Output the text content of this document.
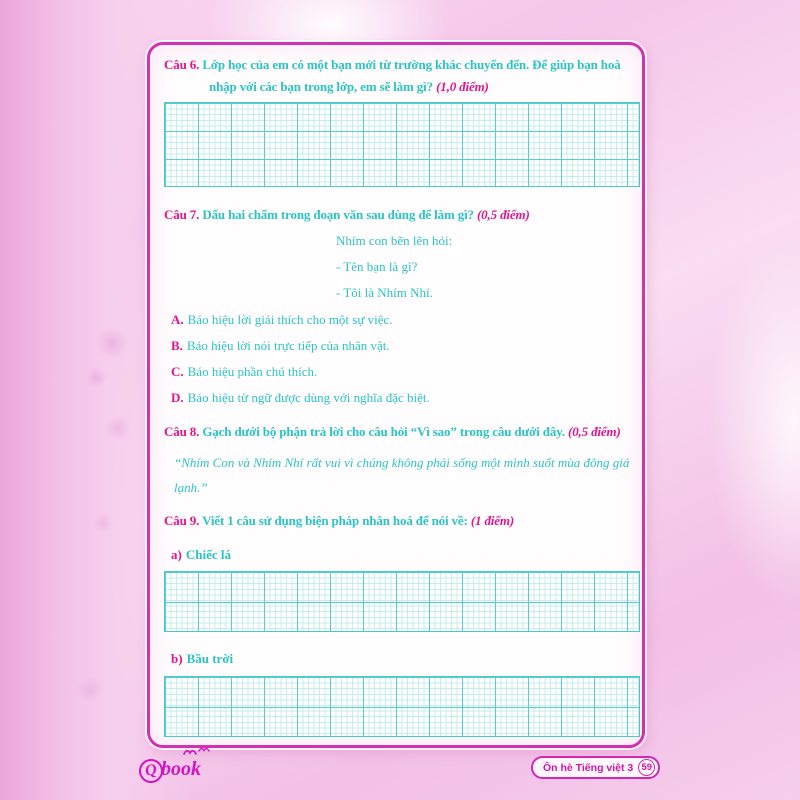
Câu 6. Lớp học của em có một bạn mới từ trường khác chuyển đến. Để giúp bạn hoà nhập với các bạn trong lớp, em sẽ làm gì? (1,0 điểm)

Câu 7. Dấu hai chấm trong đoạn văn sau dùng để làm gì? (0,5 điểm)

Nhím con bẽn lẽn hỏi:

- Tên bạn là gì?

- Tôi là Nhím Nhí.

A. Báo hiệu lời giải thích cho một sự việc.

B. Báo hiệu lời nói trực tiếp của nhân vật.

C. Báo hiệu phần chú thích.

D. Báo hiệu từ ngữ được dùng với nghĩa đặc biệt.

Câu 8. Gạch dưới bộ phận trả lời cho câu hỏi “Vì sao” trong câu dưới đây. (0,5 điểm)

“Nhím Con và Nhím Nhí rất vui vì chúng không phải sống một mình suốt mùa đông giá lạnh.”

Câu 9. Viết 1 câu sử dụng biện pháp nhân hoá để nói về: (1 điểm)

a) Chiếc lá

b) Bầu trời

Q book	Ôn hè Tiếng việt 3 59
